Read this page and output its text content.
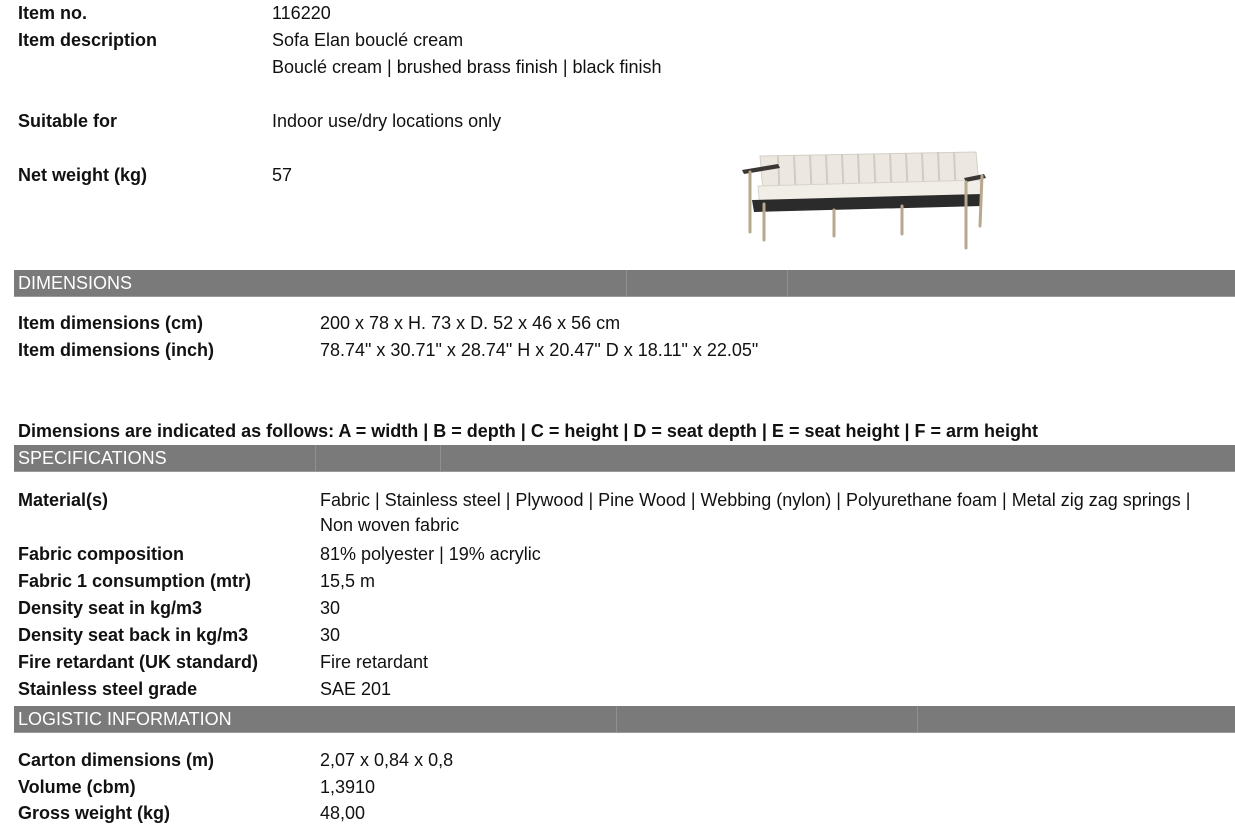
Item no.	116220
Item description	Sofa Elan bouclé cream
Bouclé cream | brushed brass finish | black finish
Suitable for	Indoor use/dry locations only
Net weight (kg)	57
DIMENSIONS
Item dimensions (cm)	200 x 78 x H. 73 x D. 52 x 46 x 56 cm
Item dimensions (inch)	78.74" x 30.71" x 28.74" H x 20.47" D x 18.11" x 22.05"
Dimensions are indicated as follows: A = width | B = depth | C = height | D = seat depth | E = seat height | F = arm height
SPECIFICATIONS
Material(s)	Fabric | Stainless steel | Plywood | Pine Wood | Webbing (nylon) | Polyurethane foam | Metal zig zag springs |
Non woven fabric
Fabric composition	81% polyester | 19% acrylic
Fabric 1 consumption (mtr)	15,5 m
Density seat in kg/m3	30
Density seat back in kg/m3	30
Fire retardant (UK standard)	Fire retardant
Stainless steel grade	SAE 201
LOGISTIC INFORMATION
Carton dimensions (m)	2,07 x 0,84 x 0,8
Volume (cbm)	1,3910
Gross weight (kg)	48,00
